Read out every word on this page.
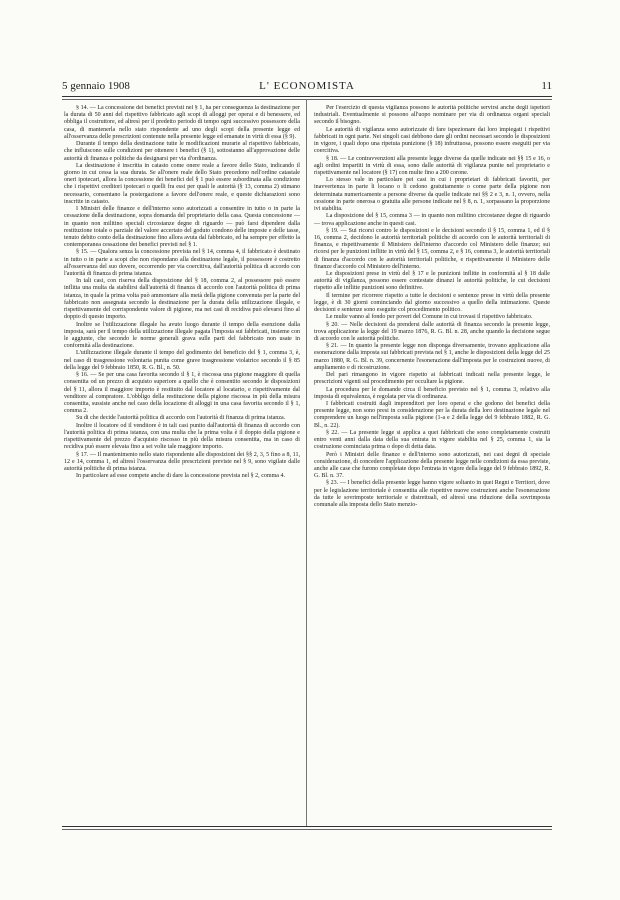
5 gennaio 1908	L' ECONOMISTA	11

§ 14. — La concessione dei benefici previsti nel § 1, ha per conseguenza la destinazione per la durata di 50 anni del rispettivo fabbricato agli scopi di alloggi per operai e di benessere, ed obbliga il costruttore, ed altresì per il predetto periodo di tempo ogni successivo possessore della casa, di mantenerla nello stato rispondente ad uno degli scopi della presente legge ed all'osservanza delle prescrizioni contenute nella presente legge ed emanate in virtù di essa (§ 9).

Durante il tempo della destinazione tutte le modificazioni murarie al rispettivo fabbricato, che influiscono sulle condizioni per ottenere i benefici (§ 1), sottostanno all'approvazione delle autorità di finanza e politiche da designarsi per via d'ordinanza.

La destinazione è inscritta in catasto come onere reale a favore dello Stato, indicando il giorno in cui cessa la sua durata. Se all'onere reale dello Stato precedono nell'ordine catastale oneri ipotecari, allora la concessione dei benefici del § 1 può essere subordinata alla condizione che i rispettivi creditori ipotecari o quelli fra essi per quali le autorità (§ 13, comma 2) stimano necessario, consentano la postergazione a favore dell'onere reale, e queste dichiarazioni sono inscritte in catasto.

I Ministri delle finanze e dell'interno sono autorizzati a consentire in tutto o in parte la cessazione della destinazione, sopra domanda del proprietario della casa. Questa concessione — in quanto non militino speciali circostanze degne di riguardo — può farsi dipendere dalla restituzione totale o parziale del valore accertato del goduto condono delle imposte e delle tasse, tenuto debito conto della destinazione fino allora avuta dal fabbricato, ed ha sempre per effetto la contemporanea cessazione dei benefici previsti nel § 1.

§ 15. — Qualora senza la concessione prevista nel § 14, comma 4, il fabbricato è destinato in tutto o in parte a scopi che non rispondano alla destinazione legale, il possessore è costretto all'osservanza del suo dovere, occorrendo per via coercitiva, dall'autorità politica di accordo con l'autorità di finanza di prima istanza.

In tali casi, con riserva della disposizione del § 18, comma 2, al possessore può essere inflitta una multa da stabilirsi dall'autorità di finanza di accordo con l'autorità politica di prima istanza, in quale la prima volta può ammontare alla metà della pigione convenuta per la parte del fabbricato non assegnata secondo la destinazione per la durata della utilizzazione illegale, e rispettivamente del corrispondente valore di pigione, ma nei casi di recidiva può elevarsi fino al doppio di questo importo.

Inoltre se l'utilizzazione illegale ha avuto luogo durante il tempo della esenzione dalla imposta, sarà per il tempo della utilizzazione illegale pagata l'imposta sui fabbricati, insieme con le aggiunte, che secondo le norme generali grava sulle parti del fabbricato non usate in conformità alla destinazione.

L'utilizzazione illegale durante il tempo del godimento del beneficio del § 1, comma 3, è, nel caso di trasgressione volontaria punita come grave trasgressione violatrice secondo il § 85 della legge del 9 febbraio 1850, R. G. Bl., n. 50.

§ 16. — Se per una casa favorita secondo il § 1, è riscossa una pigione maggiore di quella consentita od un prezzo di acquisto superiore a quello che è consentito secondo le disposizioni del § 11, allora il maggiore importo è restituito dal locatore al locatario, e rispettivamente dal venditore al compratore. L'obbligo della restituzione della pigione riscossa in più della misura consentita, sussiste anche nel caso della locazione di alloggi in una casa favorita secondo il § 1, comma 2.

Su di che decide l'autorità politica di accordo con l'autorità di finanza di prima istanza.

Inoltre il locatore od il venditore è in tali casi punito dall'autorità di finanza di accordo con l'autorità politica di prima istanza, con una multa che la prima volta è il doppio della pigione e rispettivamente del prezzo d'acquisto riscosso in più della misura consentita, ma in caso di recidiva può essere elevata fino a sei volte tale maggiore importo.

§ 17. — Il mantenimento nello stato rispondente alle disposizioni dei §§ 2, 3, 5 fino a 8, 11, 12 e 14, comma 1, ed altresì l'osservanza delle prescrizioni previste nel § 9, sono vigilate dalle autorità politiche di prima istanza.

In particolare ad esse compete anche di dare la concessione prevista nel § 2, comma 4.

Per l'esercizio di questa vigilanza possono le autorità politiche servirsi anche degli ispettori industriali. Eventualmente si possono all'uopo nominare per via di ordinanza organi speciali secondo il bisogno.

Le autorità di vigilanza sono autorizzate di fare ispezionare dai loro impiegati i rispettivi fabbricati in ogni parte. Nei singoli casi debbono dare gli ordini necessari secondo le disposizioni in vigore, i quali dopo una ripetuta punizione (§ 18) infruttuosa, possono essere eseguiti per via coercitiva.

§ 18. — Le contravvenzioni alla presente legge diverse da quelle indicate nei §§ 15 e 16, o agli ordini impartiti in virtù di essa, sono dalle autorità di vigilanza punite nel proprietario e rispettivamente nel locatore (§ 17) con multe fino a 200 corone.

Lo stesso vale in particolare pei casi in cui i proprietari di fabbricati favoriti, per inavvertenza in parte li locano o li cedono gratuitamente o come parte della pigione non determinata numericamente a persone diverse da quelle indicate nei §§ 2 e 3, n. 1, ovvero, nella cessione in parte onerosa o gratuita alle persone indicate nel § 8, n. 1, sorpassano la proporzione ivi stabilita.

La disposizione del § 15, comma 3 — in quanto non militino circostanze degne di riguardo — trova applicazione anche in questi casi.

§ 19. — Sui ricorsi contro le disposizioni e le decisioni secondo il § 15, comma 1, ed il § 16, comma 2, decidono le autorità territoriali politiche di accordo con le autorità territoriali di finanza, e rispettivamente il Ministero dell'interno d'accordo col Ministero delle finanze; sui ricorsi per le punizioni inflitte in virtù del § 15, comma 2, e § 16, comma 3, le autorità territoriali di finanza d'accordo con le autorità territoriali politiche, e rispettivamente il Ministero delle finanze d'accordo col Ministero dell'interno.

Le disposizioni prese in virtù del § 17 e le punizioni inflitte in conformità al § 18 dalle autorità di vigilanza, possono essere contestate dinanzi le autorità politiche, le cui decisioni rispetto alle inflitte punizioni sono definitive.

Il termine per ricorrere rispetto a tutte le decisioni e sentenze prese in virtù della presente legge, è di 30 giorni cominciando dal giorno successivo a quello della intimazione. Queste decisioni e sentenze sono eseguite col procedimento politico.

Le multe vanno al fondo per poveri del Comune in cui trovasi il rispettivo fabbricato.

§ 20. — Nelle decisioni da prendersi dalle autorità di finanza secondo la presente legge, trova applicazione la legge del 19 marzo 1876, R. G. Bl. n. 28, anche quando la decisione segue di accordo con le autorità politiche.

§ 21. — In quanto la presente legge non disponga diversamente, trovano applicazione alla esonerazione dalla imposta sui fabbricati prevista nel § 1, anche le disposizioni della legge del 25 marzo 1880, R. G. Bl. n. 39, concernente l'esonerazione dall'imposta per le costruzioni nuove, di ampliamento e di ricostruzione.

Del pari rimangono in vigore rispetto ai fabbricati indicati nella presente legge, le prescrizioni vigenti sul procedimento per occultare la pigione.

La procedura per le domande circa il beneficio previsto nel § 1, comma 3, relativo alla imposta di equivalenza, è regolata per via di ordinanza.

I fabbricati costruiti dagli imprenditori per loro operai e che godono dei benefici della presente legge, non sono presi in considerazione per la durata della loro destinazione legale nel comprendere un luogo nell'imposta sulla pigione (1-a e 2 della legge del 9 febbraio 1882, R. G. Bl., n. 22).

§ 22. — La presente legge si applica a quei fabbricati che sono completamente costruiti entro venti anni dalla data della sua entrata in vigore stabilita nel § 25, comma 1, sia la costruzione cominciata prima o dopo di detta data.

Però i Ministri delle finanze e dell'interno sono autorizzati, nei casi degni di speciale considerazione, di concedere l'applicazione della presente legge nelle condizioni da essa previste, anche alle case che furono completate dopo l'entrata in vigore della legge del 9 febbraio 1892, R. G. Bl. n. 37.

§ 23. — I benefici della presente legge hanno vigore soltanto in quei Regni e Territori, dove per le legislazione territoriale è consentita alle rispettive nuove costruzioni anche l'esonerazione da tutte le sovrimposte territoriale e distrettuali, ed altresì una riduzione della sovrimposta comunale alla imposta dello Stato menzio-
